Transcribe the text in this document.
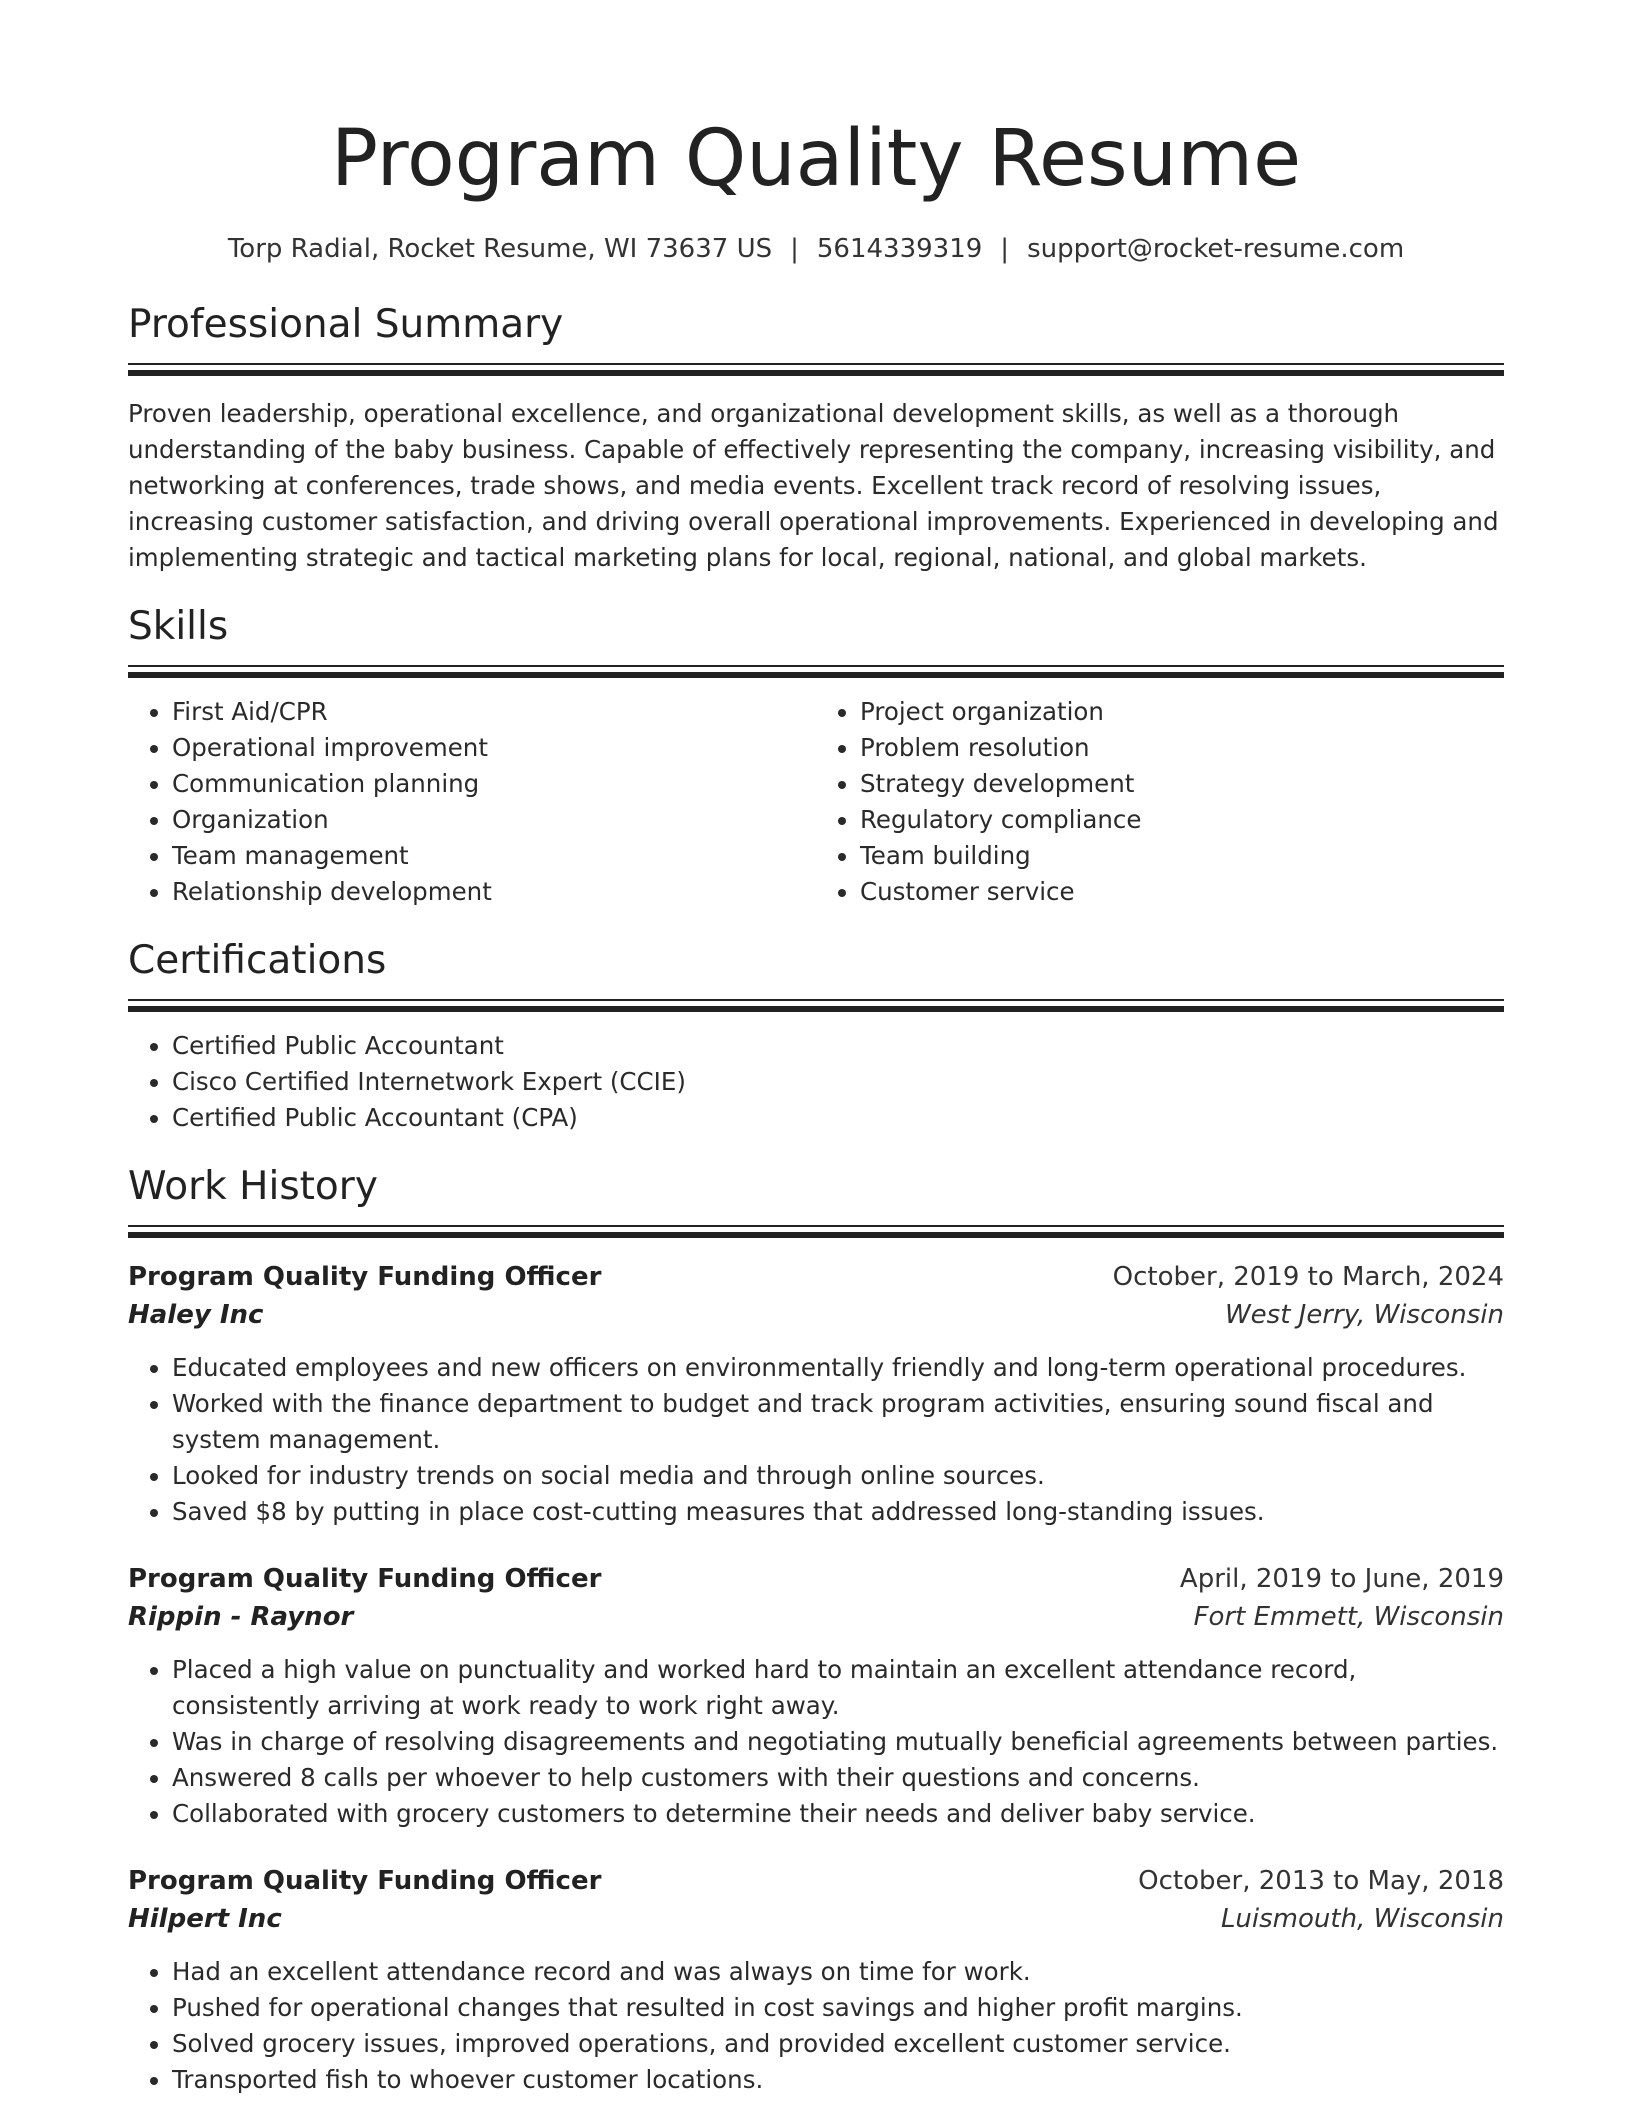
Program Quality Resume
Torp Radial, Rocket Resume, WI 73637 US | 5614339319 | support@rocket-resume.com
Professional Summary
Proven leadership, operational excellence, and organizational development skills, as well as a thorough understanding of the baby business. Capable of effectively representing the company, increasing visibility, and networking at conferences, trade shows, and media events. Excellent track record of resolving issues, increasing customer satisfaction, and driving overall operational improvements. Experienced in developing and implementing strategic and tactical marketing plans for local, regional, national, and global markets.
Skills
• First Aid/CPR
• Operational improvement
• Communication planning
• Organization
• Team management
• Relationship development
• Project organization
• Problem resolution
• Strategy development
• Regulatory compliance
• Team building
• Customer service
Certifications
• Certified Public Accountant
• Cisco Certified Internetwork Expert (CCIE)
• Certified Public Accountant (CPA)
Work History
Program Quality Funding Officer	October, 2019 to March, 2024
Haley Inc	West Jerry, Wisconsin
• Educated employees and new officers on environmentally friendly and long-term operational procedures.
• Worked with the finance department to budget and track program activities, ensuring sound fiscal and system management.
• Looked for industry trends on social media and through online sources.
• Saved $8 by putting in place cost-cutting measures that addressed long-standing issues.
Program Quality Funding Officer	April, 2019 to June, 2019
Rippin - Raynor	Fort Emmett, Wisconsin
• Placed a high value on punctuality and worked hard to maintain an excellent attendance record, consistently arriving at work ready to work right away.
• Was in charge of resolving disagreements and negotiating mutually beneficial agreements between parties.
• Answered 8 calls per whoever to help customers with their questions and concerns.
• Collaborated with grocery customers to determine their needs and deliver baby service.
Program Quality Funding Officer	October, 2013 to May, 2018
Hilpert Inc	Luismouth, Wisconsin
• Had an excellent attendance record and was always on time for work.
• Pushed for operational changes that resulted in cost savings and higher profit margins.
• Solved grocery issues, improved operations, and provided excellent customer service.
• Transported fish to whoever customer locations.
